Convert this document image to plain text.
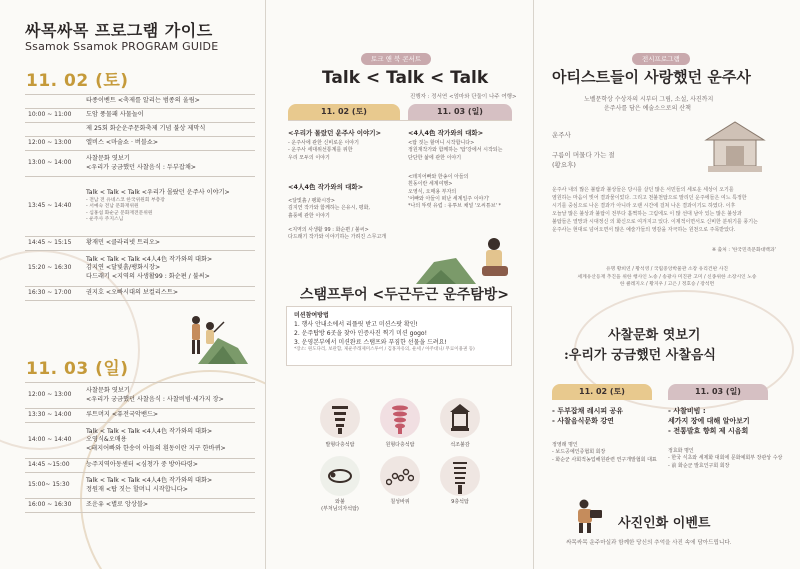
싸목싸목 프로그램 가이드
Ssamok Ssamok PROGRAM GUIDE
11. 02 (토)

	타종이벤트 <축제를 알리는 범종의 울림>

10:00 ~ 11:00	도암 풍물패 사물놀이

	제 25회 화순운주문화축제 기념 불상 제막식

12:00 ~ 13:00	엘비스 <마술쇼 · 버블쇼>

13:00 ~ 14:00	사찰문화 엿보기
<우리가 궁금했던 사찰음식 : 두부잡채>

13:45 ~ 14:40	Talk < Talk < Talk <우리가 몰랐던 운주사 이야기>
- 전남 전 유네스코 한국위원회 부총장
- 서예숙 전남 문화재위원
- 심홍섭 화순군 문화재전문위원
- 운주사 주지스님

14:45 ~ 15:15	황재민 <클라리넷 트리오>

15:20 ~ 16:30	Talk < Talk < Talk <4人4色 작가와의 대화>
김지연 <달빛흙/팽화시장>
다드래기 <지역의 사생활99 : 화순편 / 불씨>

16:30 ~ 17:00	권지호 <오빠시대의 보컬리스트>
11. 03 (일)
12:00 ~ 13:00	사찰문화 엿보기
<우리가 궁금했던 사찰음식 : 사찰비빔·세가지 장>

13:30 ~ 14:00	루트머지 <퓨전국악밴드>

14:00 ~ 14:40	Talk < Talk < Talk <4人4色 작가와의 대화>
오영식&오매용
<돼지어빠와 한송이 아들의 흰동이란 지구 한바퀴>

14:45 ~15:00	능주지역아동센터 <심청가 중 방아타령>

15:00~ 15:30	Talk < Talk < Talk <4人4色 작가와의 대화>
정원재 <탑 짓는 할머니 시작합니다>

16:00 ~ 16:30	조운유 <별로 앙상블>
토크 앤 북 콘서트
Talk < Talk < Talk
진행자 : 정서연 <엄마와 단둘이 나주 여행>
11. 02 (토)	11. 03 (일)
<우리가 몰랐던 운주사 이야기>
- 운주사에 관한 신비로운 이야기
- 운주사 세대위선통계를 위한
우리 모두의 이야기
<4人4色 작가와의 대화>
<달빛흙 / 팽화시장>
김지연 작가와 함께하는 은유시, 평화,
흙풍에 관한 이야기

<지역의 사생활 99 : 화순편 / 불씨>
다드래기 작가와 이야기하는 가려진 스무고개
<4人4色 작가와의 대화>
<탑 짓는 할머니 시작합니다>
정원재작가와 함께하는 '탑'강에서 시작되는
단단한 삶에 관한 이야기
<돼지어빠와 한송이 아들의
흰동이란 세계여행>
오영식, 오매용 부자의
'어빠와 아들이 떠난 세계일주 이야기'
*나의 뚜렷 유럽 : 유투브 채널 '오씨튜브' *
스탬프투어 <두근두근 운주탐방>
미션참여방법
1. 행사 안내소에서 리플릿 받고 미션스팟 확인!
2. 운주탑방 6곳을 찾아 인증사진 찍기 미션 gogo!
3. 운영본부에서 미션완료 스탬프와 푸짐한 선물을 드려요!
*장소: 원도다리, 보관함, 제운주래제미스투어 / 김홍자유의, 운세 / 아주대니/ 무료이용권 등)
발형다층석탑	원형다층석탑	석조불감
와불
(부처님의자석탑)
칠성바위	9층석탑
전시프로그램
아티스트들이 사랑했던 운주사
노벨문학상 수상자의 시부터 그림, 소설, 사진까지
운주사를 담은 예술소으로의 산책
운주사
구름이 머물다 가는 절
(황요후)
운주사 내의 많은 불탑과 불상들은 당시를 살던 많은 서민들의 세로운 세상이 오기를
염원하는 마음이 빚어 결과물이었다. 그리고 천불천탑으로 말리던 운주에들은 여느 특정한
시기를 중심으로 나온 결과가 아니라 오랜 시간에 걸쳐 나온 결과이기도 하였다. 이후
오늘날 많은 불상과 불탑이 전부다 훌쩍하는 그림에도 이 많 선대 남아 있는 많은 불상과
불탑들은 열망과 시대정신 의 화신으로 여겨지고 있다. 이제적이면서도 신비한 분위기를 풍기는
운주사는 현대로 넘어오면서 많은 예술가들의 영감을 자극하는 원천으로 주목받았다.
※ 출처 : '한국민족문화대백과'
유명 황희연 / 황석영 / 국립중앙박물관 소장 유리건판 사진
세계유산등재 추진을 위한 행사인 노송 / 송광사 미진관 고미 / 신종위한 소장시인 노송
한 클레지오 / 황지우 / 고은 / 정호승 / 장석면
사찰문화 엿보기
:우리가 궁금했던 사찰음식
11. 02 (토)	11. 03 (일)
- 두부잡채 레시피 공유
- 사찰음식문화 강연
- 사찰비빔 :
세가지 장에 대해 알아보기
- 전통발효 향희 제 시음회
정영래 명인
- 보드공예인증협회 회장
- 화순군 사회적농업해원관련 연구개발협회 대표
정효화 명인
- 한국 식초와 세제화 대회에 문화예회부 장관상 수상
- 前 화순군 발효인구회 회장
사진인화 이벤트
싸목싸목 운주마실과 함께한 당신의 추억을 사진 속에 담아드립니다.
